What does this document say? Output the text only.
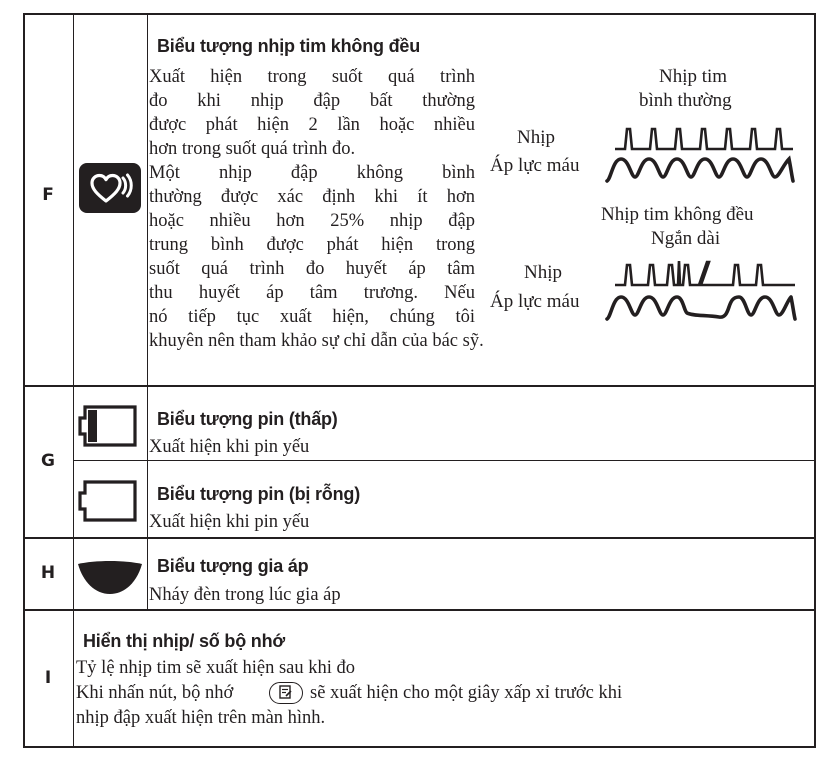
F
Biểu tượng nhịp tim không đều
Xuất hiện trong suốt quá trình
đo khi nhịp đập bất thường
được phát hiện 2 lần hoặc nhiều
hơn trong suốt quá trình đo.
Một nhịp đập không bình
thường được xác định khi ít hơn
hoặc nhiều hơn 25% nhịp đập
trung bình được phát hiện trong
suốt quá trình đo huyết áp tâm
thu huyết áp tâm trương. Nếu
nó tiếp tục xuất hiện, chúng tôi
khuyên nên tham khảo sự chỉ dẫn của bác sỹ.
Nhịp tim
bình thường
Nhịp
Áp lực máu
Nhịp tim không đều
Ngắn dài
Nhịp
Áp lực máu
G
Biểu tượng pin (thấp)
Xuất hiện khi pin yếu
Biểu tượng pin (bị rỗng)
Xuất hiện khi pin yếu
H	Biểu tượng gia áp
Nháy đèn trong lúc gia áp
I
Hiển thị nhịp/ số bộ nhớ
Tỷ lệ nhịp tim sẽ xuất hiện sau khi đo
Khi nhấn nút, bộ nhớ	sẽ xuất hiện cho một giây xấp xỉ trước khi
nhịp đập xuất hiện trên màn hình.
